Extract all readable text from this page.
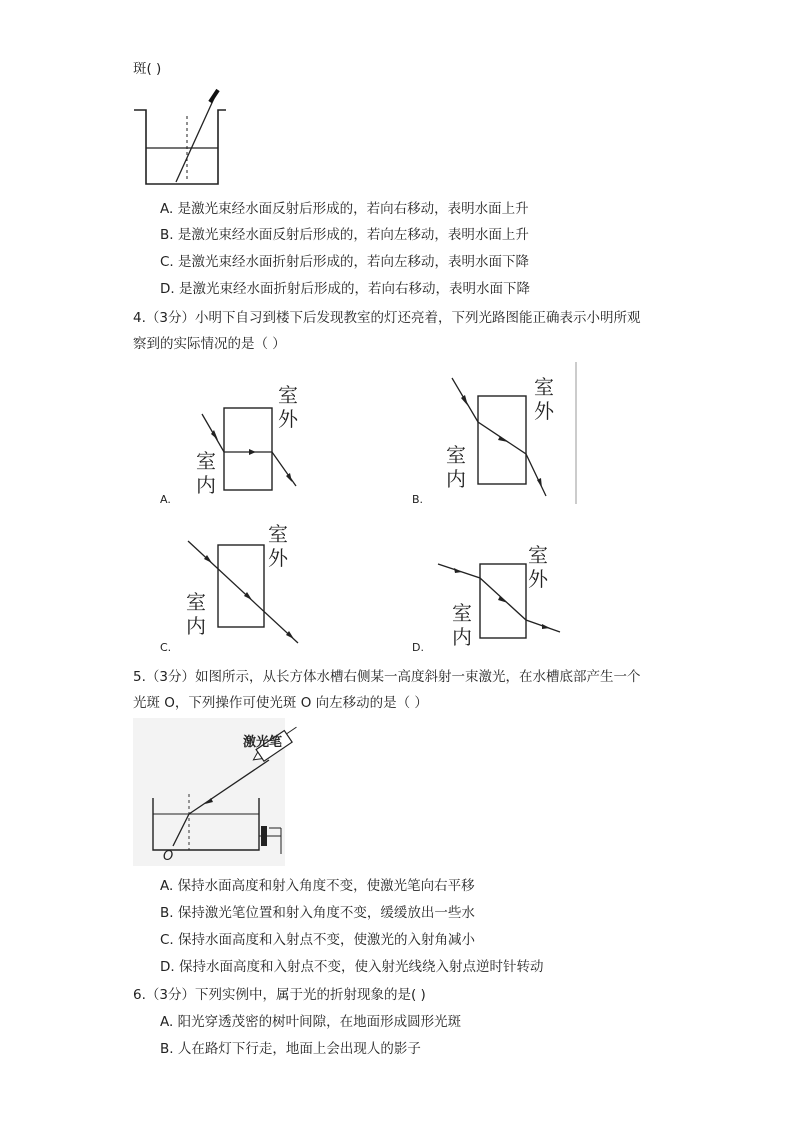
斑( )
A. 是激光束经水面反射后形成的，若向右移动，表明水面上升
B. 是激光束经水面反射后形成的，若向左移动，表明水面上升
C. 是激光束经水面折射后形成的，若向左移动，表明水面下降
D. 是激光束经水面折射后形成的，若向右移动，表明水面下降
4.（3分）小明下自习到楼下后发现教室的灯还亮着，下列光路图能正确表示小明所观
察到的实际情况的是（ ）
A.
室
外
室
内
B.
室
外
室
内
C.
室
外
室
内
D.
室
外
室
内
5.（3分）如图所示，从长方体水槽右侧某一高度斜射一束激光，在水槽底部产生一个
光斑 O，下列操作可使光斑 O 向左移动的是（ ）
激光笔
O
A. 保持水面高度和射入角度不变，使激光笔向右平移
B. 保持激光笔位置和射入角度不变，缓缓放出一些水
C. 保持水面高度和入射点不变，使激光的入射角减小
D. 保持水面高度和入射点不变，使入射光线绕入射点逆时针转动
6.（3分）下列实例中，属于光的折射现象的是( )
A. 阳光穿透茂密的树叶间隙，在地面形成圆形光斑
B. 人在路灯下行走，地面上会出现人的影子
